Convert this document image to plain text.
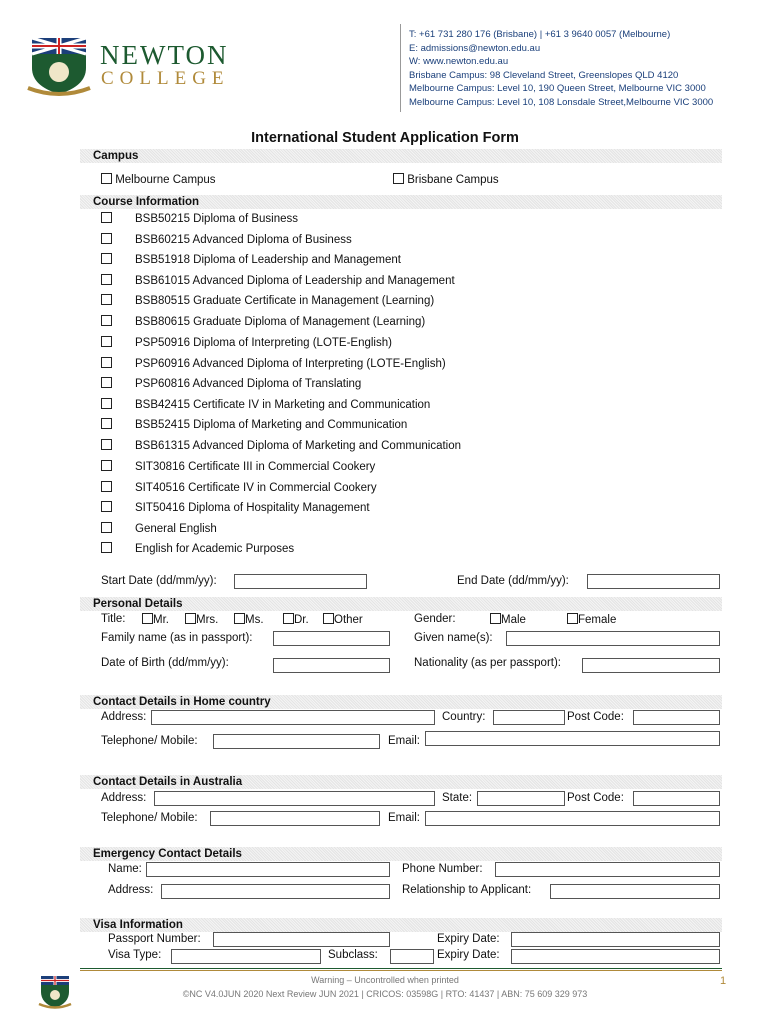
NEWTON
COLLEGE
T: +61 731 280 176 (Brisbane) | +61 3 9640 0057 (Melbourne)
E: admissions@newton.edu.au
W: www.newton.edu.au
Brisbane Campus: 98 Cleveland Street, Greenslopes QLD 4120
Melbourne Campus: Level 10, 190 Queen Street, Melbourne VIC 3000
Melbourne Campus: Level 10, 108 Lonsdale Street,Melbourne VIC 3000
International Student Application Form
Campus
Melbourne Campus	Brisbane Campus
Course Information
BSB50215 Diploma of Business
BSB60215 Advanced Diploma of Business
BSB51918 Diploma of Leadership and Management
BSB61015 Advanced Diploma of Leadership and Management
BSB80515 Graduate Certificate in Management (Learning)
BSB80615 Graduate Diploma of Management (Learning)
PSP50916 Diploma of Interpreting (LOTE-English)
PSP60916 Advanced Diploma of Interpreting (LOTE-English)
PSP60816 Advanced Diploma of Translating
BSB42415 Certificate IV in Marketing and Communication
BSB52415 Diploma of Marketing and Communication
BSB61315 Advanced Diploma of Marketing and Communication
SIT30816 Certificate III in Commercial Cookery
SIT40516 Certificate IV in Commercial Cookery
SIT50416 Diploma of Hospitality Management
General English
English for Academic Purposes
Start Date (dd/mm/yy):	End Date (dd/mm/yy):
Personal Details
Title:	Mr.	Mrs.	Ms.	Dr.	Other	Gender:	Male	Female
Family name (as in passport):	Given name(s):
Date of Birth (dd/mm/yy):	Nationality (as per passport):
Contact Details in Home country
Address:	Country:	Post Code:
Telephone/ Mobile:	Email:
Contact Details in Australia
Address:	State:	Post Code:
Telephone/ Mobile:	Email:
Emergency Contact Details
Name:	Phone Number:
Address:	Relationship to Applicant:
Visa Information
Passport Number:	Expiry Date:
Visa Type:	Subclass:	Expiry Date:
Warning – Uncontrolled when printed
©NC V4.0JUN 2020 Next Review JUN 2021 | CRICOS: 03598G | RTO: 41437 | ABN: 75 609 329 973
1
